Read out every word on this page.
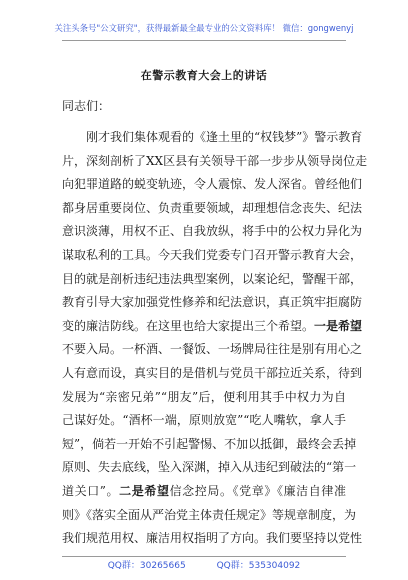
关注头条号"公文研究"，获得最新最全最专业的公文资料库！ 微信：gongwenyj
在警示教育大会上的讲话
同志们：
刚才我们集体观看的《逢土里的“权钱梦”》警示教育
片，深刻剖析了XX区县有关领导干部一步步从领导岗位走
向犯罪道路的蜕变轨迹，令人震惊、发人深省。曾经他们
都身居重要岗位、负责重要领域，却理想信念丧失、纪法
意识淡薄，用权不正、自我放纵，将手中的公权力异化为
谋取私利的工具。今天我们党委专门召开警示教育大会，
目的就是剖析违纪违法典型案例，以案论纪，警醒干部，
教育引导大家加强党性修养和纪法意识，真正筑牢拒腐防
变的廉洁防线。在这里也给大家提出三个希望。一是希望
不要入局。一杯酒、一餐饭、一场牌局往往是别有用心之
人有意而设，真实目的是借机与党员干部拉近关系，待到
发展为“亲密兄弟”“朋友”后，便利用其手中权力为自
己谋好处。“酒杯一端，原则放宽”“吃人嘴软，拿人手
短”，倘若一开始不引起警惕、不加以抵御，最终会丢掉
原则、失去底线，坠入深渊，掉入从违纪到破法的“第一
道关口”。二是希望信念控局。《党章》《廉洁自律准
则》《落实全面从严治党主体责任规定》等规章制度，为
我们规范用权、廉洁用权指明了方向。我们要坚持以党性
QQ群：30265665	QQ群：535304092
